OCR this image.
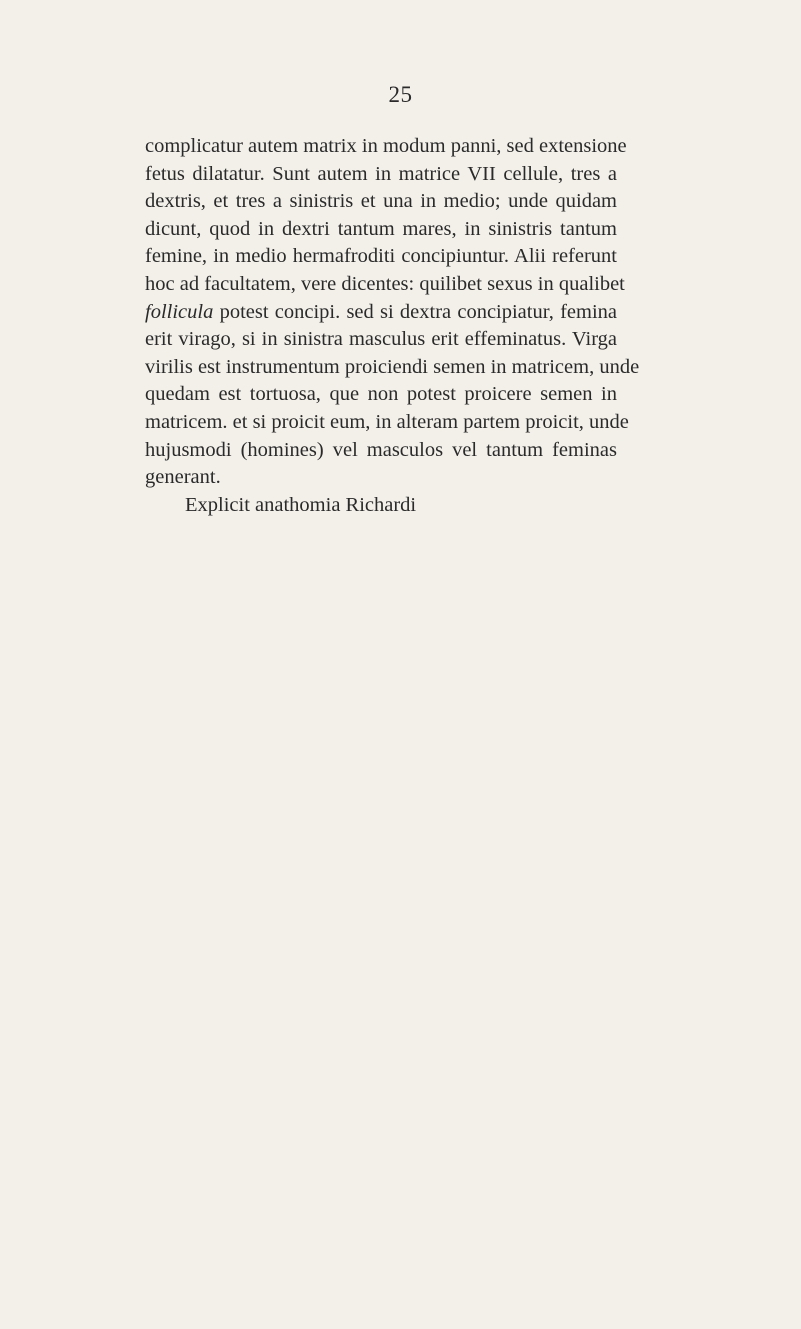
25
complicatur autem matrix in modum panni, sed extensione
fetus dilatatur. Sunt autem in matrice VII cellule, tres a
dextris, et tres a sinistris et una in medio; unde quidam
dicunt, quod in dextri tantum mares, in sinistris tantum
femine, in medio hermafroditi concipiuntur. Alii referunt
hoc ad facultatem, vere dicentes: quilibet sexus in qualibet
follicula potest concipi. sed si dextra concipiatur, femina
erit virago, si in sinistra masculus erit effeminatus. Virga
virilis est instrumentum proiciendi semen in matricem, unde
quedam est tortuosa, que non potest proicere semen in
matricem. et si proicit eum, in alteram partem proicit, unde
hujusmodi (homines) vel masculos vel tantum feminas
generant.
Explicit anathomia Richardi
